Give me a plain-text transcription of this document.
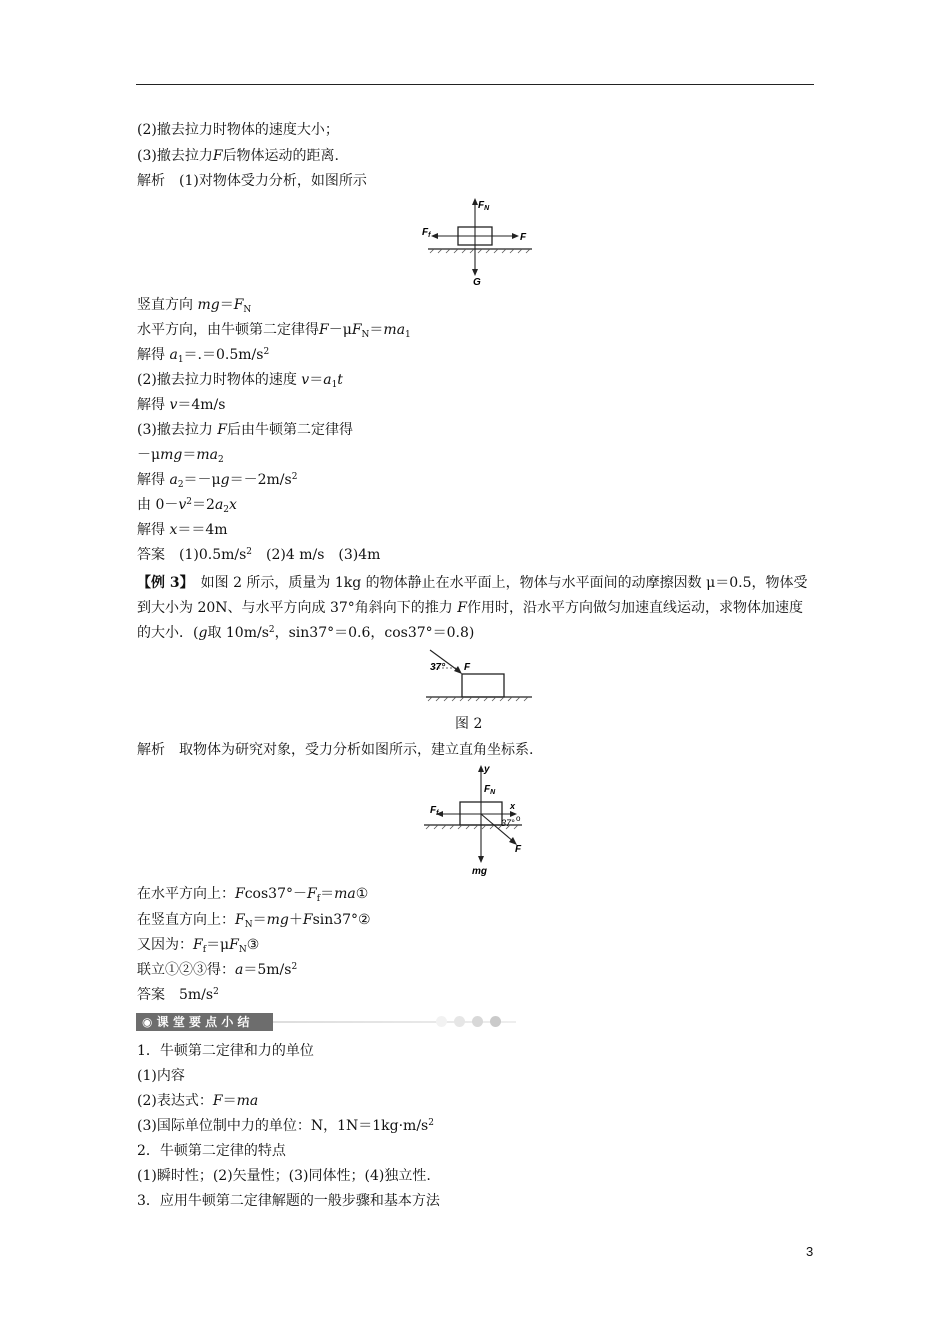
(2)撤去拉力时物体的速度大小；
(3)撤去拉力F后物体运动的距离.
解析　(1)对物体受力分析，如图所示
$F_N$
$F_f$	F
G
竖直方向 $mg=F_N$
水平方向，由牛顿第二定律得$F-\mu F_N=ma_1$
解得 $a_1=.=0.5m/s^2$
(2)撤去拉力时物体的速度 $v=a_1t$
解得 v＝4m/s
(3)撤去拉力 F后由牛顿第二定律得
$-\mu mg=ma_2$
解得 $a_2=-\mu g=-2m/s^2$
由 $0-v^2=2a_2x$
解得 x＝＝4m
答案　$(1)0.5m/s^2$　(2)4 m/s　(3)4m
【例 3】　如图 2 所示，质量为 1kg 的物体静止在水平面上，物体与水平面间的动摩擦因数 μ＝0.5，物体受到大小为 20N、与水平方向成 37°角斜向下的推力 F作用时，沿水平方向做匀加速直线运动，求物体加速度的大小．(g取 $10m/s^2$，sin37°＝0.6，cos37°＝0.8)
37° F
图 2
解析　取物体为研究对象，受力分析如图所示，建立直角坐标系.
y
$F_N$
$F_f$
x
o
37°
F
mg
在水平方向上：$Fcos37^\circ-F_f=ma①$
在竖直方向上：$F_N=mg+Fsin37^\circ ②$
又因为：$F_f=\mu F_N③$
联立①②③得：$a=5m/s^2$
答案　$5m/s^2$
◉ 课 堂 要 点 小 结
1．牛顿第二定律和力的单位
(1)内容
(2)表达式：F＝ma
(3)国际单位制中力的单位：N，$1N=1kg\cdot m/s^2$
2．牛顿第二定律的特点
(1)瞬时性；(2)矢量性；(3)同体性；(4)独立性.
3．应用牛顿第二定律解题的一般步骤和基本方法
3
